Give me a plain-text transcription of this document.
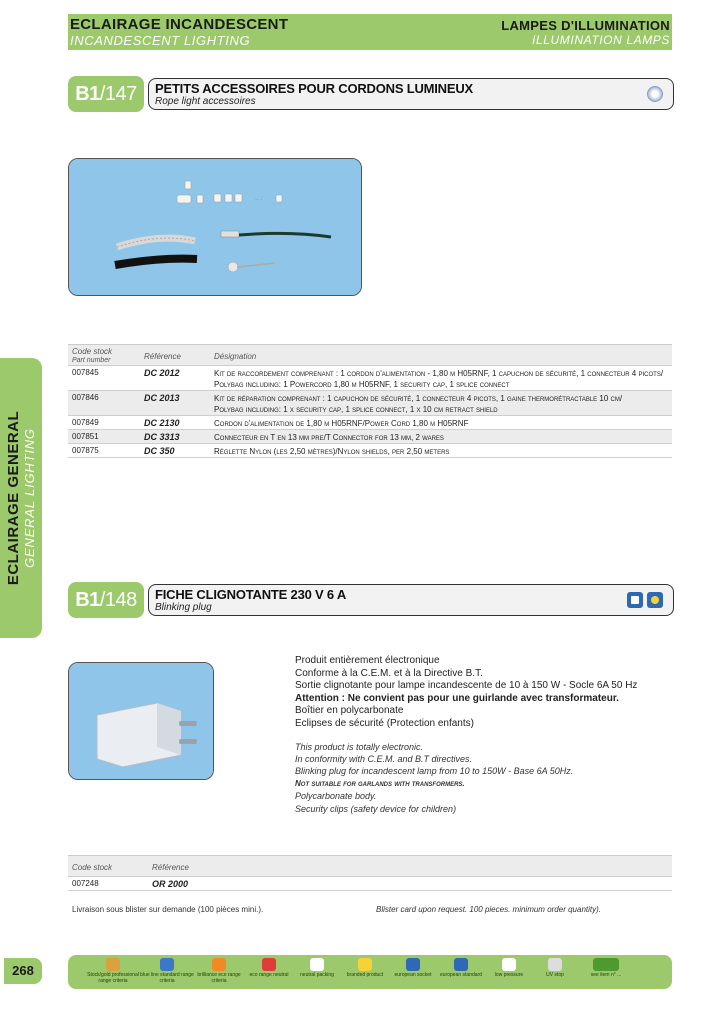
ECLAIRAGE INCANDESCENT
INCANDESCENT LIGHTING
LAMPES D'ILLUMINATION
ILLUMINATION LAMPS
ECLAIRAGE GENERAL GENERAL LIGHTING
B1/147	PETITS ACCESSOIRES POUR CORDONS LUMINEUX
Rope light accessoires
·· ·
Code stock
Part number	Référence	Désignation
007845	DC 2012	Kit de raccordement comprenant : 1 cordon d'alimentation - 1,80 m H05RNF, 1 capuchon de sécurité, 1 connecteur 4 picots/
Polybag including: 1 Powercord 1,80 m H05RNF, 1 security cap, 1 splice connect
007846	DC 2013	Kit de réparation comprenant : 1 capuchon de sécurité, 1 connecteur 4 picots, 1 gaine thermorétractable 10 cm/
Polybag including: 1 x security cap, 1 splice connect, 1 x 10 cm retract shield
007849	DC 2130	Cordon d'alimentation de 1,80 m H05RNF/Power Cord 1,80 m H05RNF
007851	DC 3313	Connecteur en T en 13 mm pre/T Connector for 13 mm, 2 wares
007875	DC 350	Réglette Nylon (les 2,50 mètres)/Nylon shields, per 2,50 meters
B1/148	FICHE CLIGNOTANTE 230 V 6 A
Blinking plug

Produit entièrement électronique

Conforme à la C.E.M. et à la Directive B.T.

Sortie clignotante pour lampe incandescente de 10 à 150 W - Socle 6A 50 Hz

Attention : Ne convient pas pour une guirlande avec transformateur.

Boîtier en polycarbonate

Eclipses de sécurité (Protection enfants)

This product is totally electronic.

In conformity with C.E.M. and B.T directives.

Blinking plug for incandescent lamp from 10 to 150W - Base 6A 50Hz.

Not suitable for garlands with transformers.

Polycarbonate body.

Security clips (safety device for children)

Code stock	Référence
007248	OR 2000
Livraison sous blister sur demande (100 pièces mini.).	Blister card upon request. 100 pieces. minimum order quantity).
268	Stock/gold professional range criteria
blue line standard range criteria
brilliance eco range criteria
eco range neutral	neutral packing	branded product	european socket	european standard	low pressure	UV stop	see item n° ...
